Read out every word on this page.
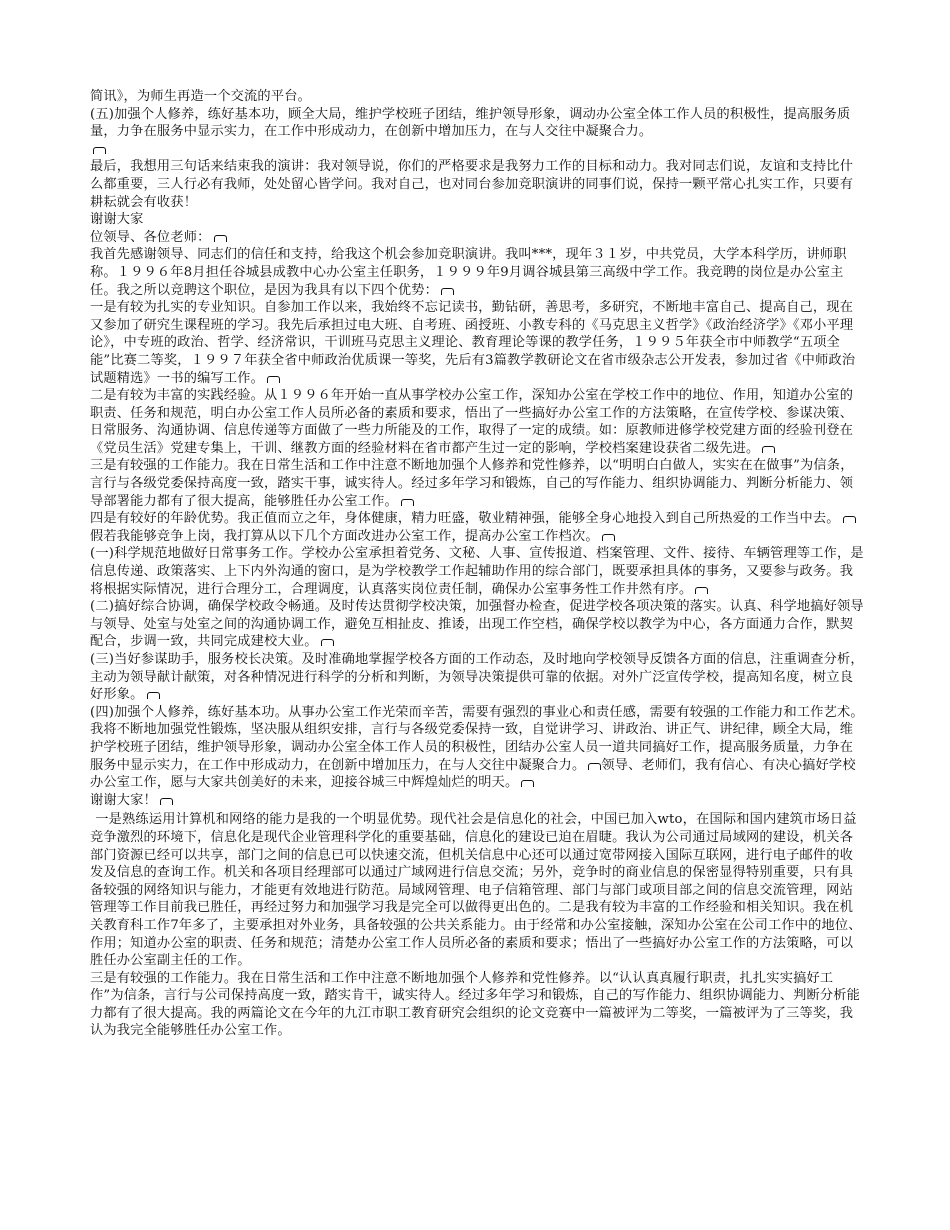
简讯》，为师生再造一个交流的平台。

(五)加强个人修养，练好基本功，顾全大局，维护学校班子团结，维护领导形象，调动办公室全体工作人员的积极性，提高服务质量，力争在服务中显示实力，在工作中形成动力，在创新中增加压力，在与人交往中凝聚合力。

最后，我想用三句话来结束我的演讲：我对领导说，你们的严格要求是我努力工作的目标和动力。我对同志们说，友谊和支持比什么都重要，三人行必有我师，处处留心皆学问。我对自己，也对同台参加竞职演讲的同事们说，保持一颗平常心扎实工作，只要有耕耘就会有收获！

谢谢大家

位领导、各位老师：

我首先感谢领导、同志们的信任和支持，给我这个机会参加竞职演讲。我叫***，现年３１岁，中共党员，大学本科学历，讲师职称。１９９６年8月担任谷城县成教中心办公室主任职务，１９９９年9月调谷城县第三高级中学工作。我竞聘的岗位是办公室主任。我之所以竞聘这个职位，是因为我具有以下四个优势：

一是有较为扎实的专业知识。自参加工作以来，我始终不忘记读书，勤钻研，善思考，多研究，不断地丰富自己、提高自己，现在又参加了研究生课程班的学习。我先后承担过电大班、自考班、函授班、小教专科的《马克思主义哲学》《政治经济学》《邓小平理论》，中专班的政治、哲学、经济常识，干训班马克思主义理论、教育理论等课的教学任务，１９９５年获全市中师教学“五项全能”比赛二等奖，１９９７年获全省中师政治优质课一等奖，先后有3篇教学教研论文在省市级杂志公开发表，参加过省《中师政治试题精选》一书的编写工作。

二是有较为丰富的实践经验。从１９９６年开始一直从事学校办公室工作，深知办公室在学校工作中的地位、作用，知道办公室的职责、任务和规范，明白办公室工作人员所必备的素质和要求，悟出了一些搞好办公室工作的方法策略，在宣传学校、参谋决策、日常服务、沟通协调、信息传递等方面做了一些力所能及的工作，取得了一定的成绩。如：原教师进修学校党建方面的经验刊登在《党员生活》党建专集上，干训、继教方面的经验材料在省市都产生过一定的影响，学校档案建设获省二级先进。

三是有较强的工作能力。我在日常生活和工作中注意不断地加强个人修养和党性修养，以“明明白白做人，实实在在做事”为信条，言行与各级党委保持高度一致，踏实干事，诚实待人。经过多年学习和锻炼，自己的写作能力、组织协调能力、判断分析能力、领导部署能力都有了很大提高，能够胜任办公室工作。

四是有较好的年龄优势。我正值而立之年，身体健康，精力旺盛，敬业精神强，能够全身心地投入到自己所热爱的工作当中去。假若我能够竞争上岗，我打算从以下几个方面改进办公室工作，提高办公室工作档次。

(一)科学规范地做好日常事务工作。学校办公室承担着党务、文秘、人事、宣传报道、档案管理、文件、接待、车辆管理等工作，是信息传递、政策落实、上下内外沟通的窗口，是为学校教学工作起辅助作用的综合部门，既要承担具体的事务，又要参与政务。我将根据实际情况，进行合理分工，合理调度，认真落实岗位责任制，确保办公室事务性工作井然有序。

(二)搞好综合协调，确保学校政令畅通。及时传达贯彻学校决策，加强督办检查，促进学校各项决策的落实。认真、科学地搞好领导与领导、处室与处室之间的沟通协调工作，避免互相扯皮、推诿，出现工作空档，确保学校以教学为中心，各方面通力合作，默契配合，步调一致，共同完成建校大业。

(三)当好参谋助手，服务校长决策。及时准确地掌握学校各方面的工作动态，及时地向学校领导反馈各方面的信息，注重调查分析，主动为领导献计献策，对各种情况进行科学的分析和判断，为领导决策提供可靠的依据。对外广泛宣传学校，提高知名度，树立良好形象。

(四)加强个人修养，练好基本功。从事办公室工作光荣而辛苦，需要有强烈的事业心和责任感，需要有较强的工作能力和工作艺术。我将不断地加强党性锻炼，坚决服从组织安排，言行与各级党委保持一致，自觉讲学习、讲政治、讲正气、讲纪律，顾全大局，维护学校班子团结，维护领导形象，调动办公室全体工作人员的积极性，团结办公室人员一道共同搞好工作，提高服务质量，力争在服务中显示实力，在工作中形成动力，在创新中增加压力，在与人交往中凝聚合力。 领导、老师们，我有信心、有决心搞好学校办公室工作，愿与大家共创美好的未来，迎接谷城三中辉煌灿烂的明天。

谢谢大家！

一是熟练运用计算机和网络的能力是我的一个明显优势。现代社会是信息化的社会，中国已加入wto，在国际和国内建筑市场日益竞争激烈的环境下，信息化是现代企业管理科学化的重要基础，信息化的建设已迫在眉睫。我认为公司通过局域网的建设，机关各部门资源已经可以共享，部门之间的信息已可以快速交流，但机关信息中心还可以通过宽带网接入国际互联网，进行电子邮件的收发及信息的查询工作。机关和各项目经理部可以通过广域网进行信息交流；另外，竞争时的商业信息的保密显得特别重要，只有具备较强的网络知识与能力，才能更有效地进行防范。局域网管理、电子信箱管理、部门与部门或项目部之间的信息交流管理，网站管理等工作目前我已胜任，再经过努力和加强学习我是完全可以做得更出色的。二是我有较为丰富的工作经验和相关知识。我在机关教育科工作7年多了，主要承担对外业务，具备较强的公共关系能力。由于经常和办公室接触，深知办公室在公司工作中的地位、作用；知道办公室的职责、任务和规范；清楚办公室工作人员所必备的素质和要求；悟出了一些搞好办公室工作的方法策略，可以胜任办公室副主任的工作。

三是有较强的工作能力。我在日常生活和工作中注意不断地加强个人修养和党性修养。以“认认真真履行职责，扎扎实实搞好工作”为信条，言行与公司保持高度一致，踏实肯干，诚实待人。经过多年学习和锻炼，自己的写作能力、组织协调能力、判断分析能力都有了很大提高。我的两篇论文在今年的九江市职工教育研究会组织的论文竞赛中一篇被评为二等奖，一篇被评为了三等奖，我认为我完全能够胜任办公室工作。
